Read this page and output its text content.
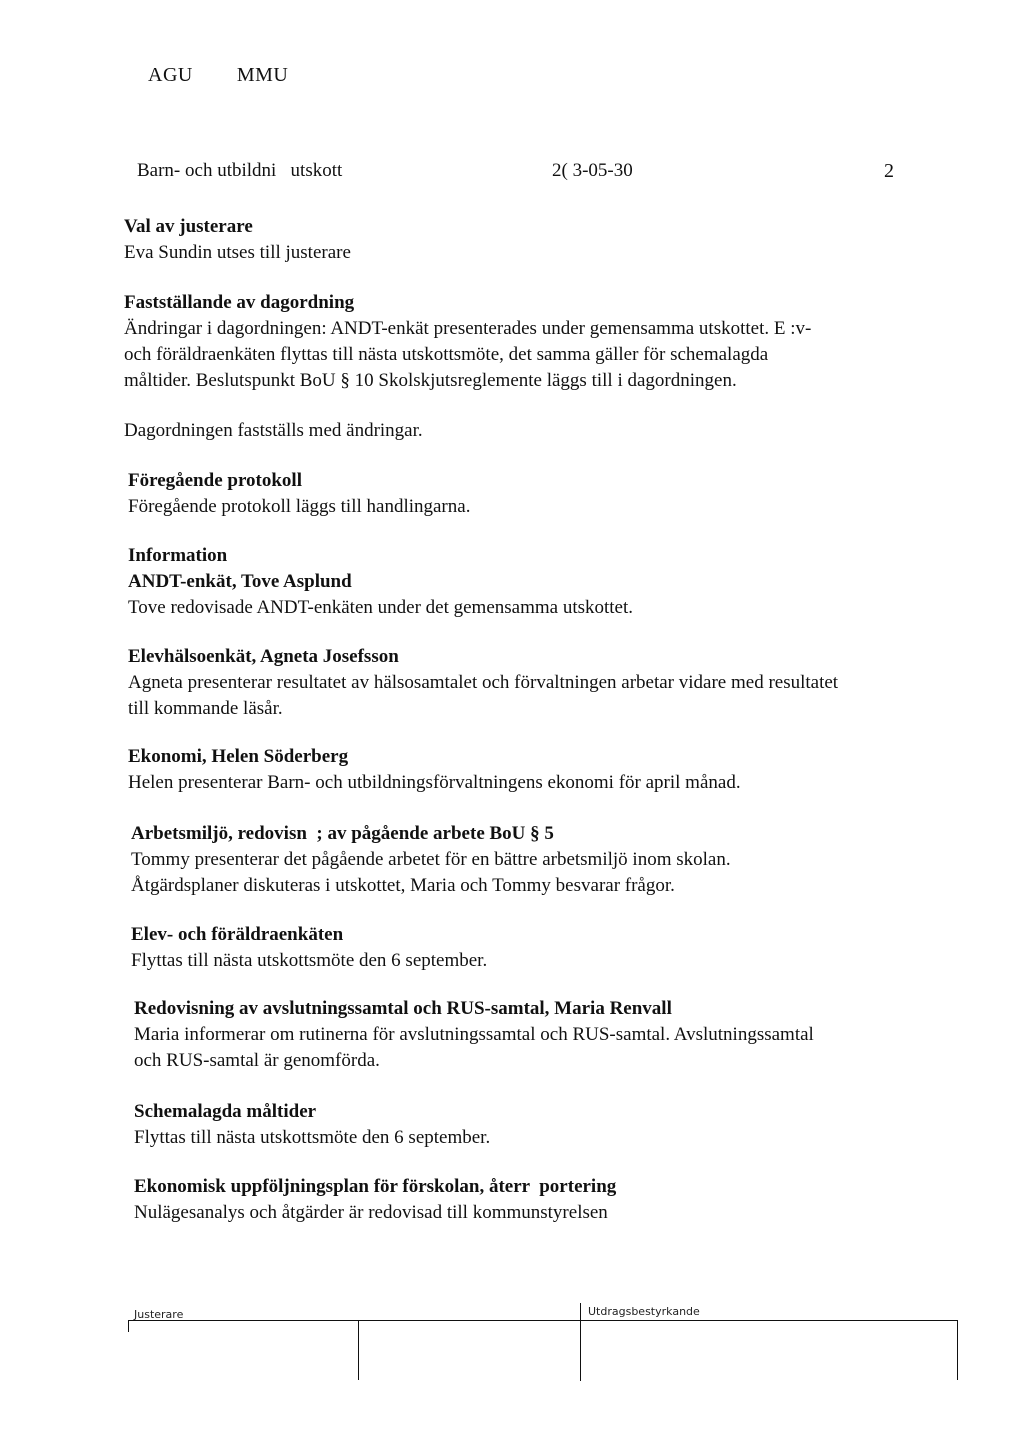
AGU        MMU
Barn- och utbildni   utskott	2( 3-05-30	2

Val av justerare

Eva Sundin utses till justerare

Fastställande av dagordning

Ändringar i dagordningen: ANDT-enkät presenterades under gemensamma utskottet. E :v-

och föräldraenkäten flyttas till nästa utskottsmöte, det samma gäller för schemalagda

måltider. Beslutspunkt BoU § 10 Skolskjutsreglemente läggs till i dagordningen.

Dagordningen fastställs med ändringar.

Föregående protokoll

Föregående protokoll läggs till handlingarna.

Information

ANDT-enkät, Tove Asplund

Tove redovisade ANDT-enkäten under det gemensamma utskottet.

Elevhälsoenkät, Agneta Josefsson

Agneta presenterar resultatet av hälsosamtalet och förvaltningen arbetar vidare med resultatet

till kommande läsår.

Ekonomi, Helen Söderberg

Helen presenterar Barn- och utbildningsförvaltningens ekonomi för april månad.

Arbetsmiljö, redovisn  ; av pågående arbete BoU § 5

Tommy presenterar det pågående arbetet för en bättre arbetsmiljö inom skolan.

Åtgärdsplaner diskuteras i utskottet, Maria och Tommy besvarar frågor.

Elev- och föräldraenkäten

Flyttas till nästa utskottsmöte den 6 september.

Redovisning av avslutningssamtal och RUS-samtal, Maria Renvall

Maria informerar om rutinerna för avslutningssamtal och RUS-samtal. Avslutningssamtal

och RUS-samtal är genomförda.

Schemalagda måltider

Flyttas till nästa utskottsmöte den 6 september.

Ekonomisk uppföljningsplan för förskolan, återr  portering

Nulägesanalys och åtgärder är redovisad till kommunstyrelsen

Justerare	Utdragsbestyrkande
